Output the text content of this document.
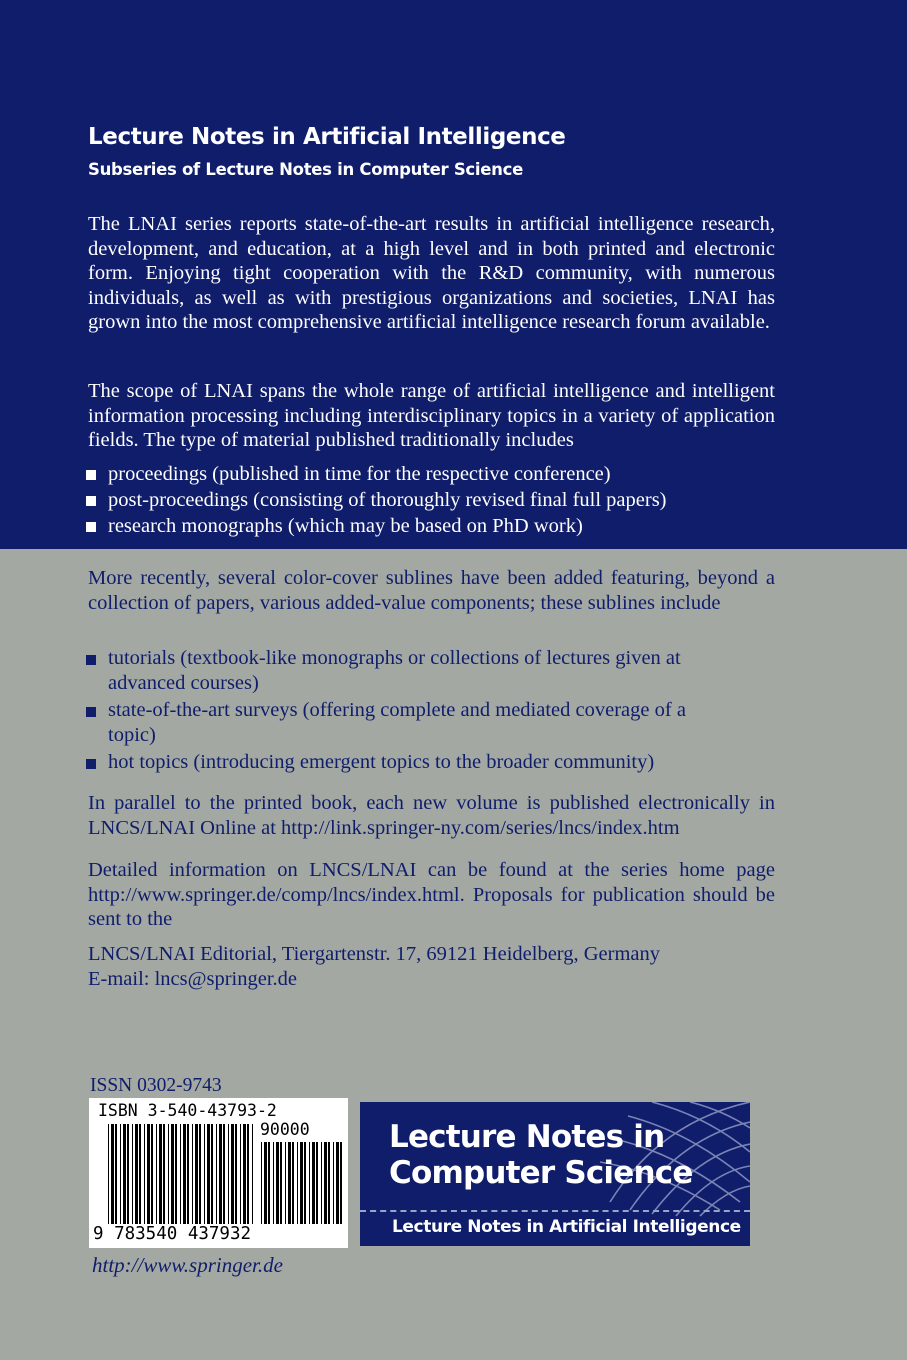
Lecture Notes in Artificial Intelligence
Subseries of Lecture Notes in Computer Science

The LNAI series reports state-of-the-art results in artificial intelligence research, development, and education, at a high level and in both printed and electronic form. Enjoying tight cooperation with the R&D community, with numerous individuals, as well as with prestigious organizations and societies, LNAI has grown into the most comprehensive artificial intelligence research forum available.

The scope of LNAI spans the whole range of artificial intelligence and intelligent information processing including interdisciplinary topics in a variety of application fields. The type of material published traditionally includes

proceedings (published in time for the respective conference)
post-proceedings (consisting of thoroughly revised final full papers)
research monographs (which may be based on PhD work)

More recently, several color-cover sublines have been added featuring, beyond a collection of papers, various added-value components; these sublines include

tutorials (textbook-like monographs or collections of lectures given at advanced courses)
state-of-the-art surveys (offering complete and mediated coverage of a topic)
hot topics (introducing emergent topics to the broader community)

In parallel to the printed book, each new volume is published electronically in LNCS/LNAI Online at http://link.springer-ny.com/series/lncs/index.htm

Detailed information on LNCS/LNAI can be found at the series home page http://www.springer.de/comp/lncs/index.html. Proposals for publication should be sent to the

LNCS/LNAI Editorial, Tiergartenstr. 17, 69121 Heidelberg, Germany
E-mail: lncs@springer.de

ISSN 0302-9743

ISBN 3-540-43793-2

90000

9 783540 437932

Lecture Notes in

Computer Science

Lecture Notes in Artificial Intelligence

http://www.springer.de
